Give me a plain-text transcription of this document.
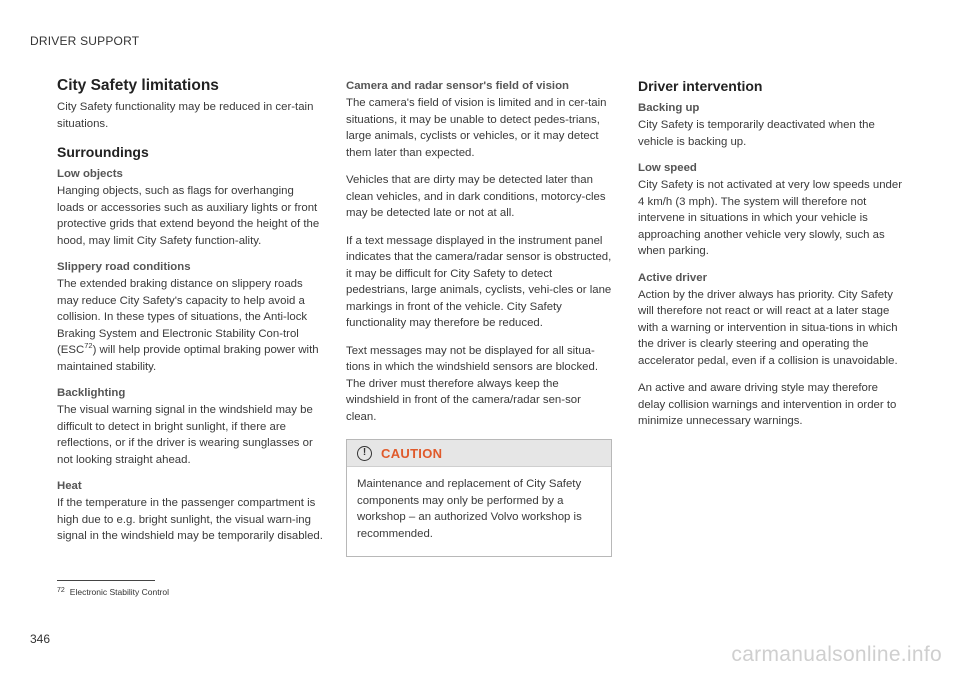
DRIVER SUPPORT
City Safety limitations

City Safety functionality may be reduced in cer-tain situations.

Surroundings
Low objects

Hanging objects, such as flags for overhanging loads or accessories such as auxiliary lights or front protective grids that extend beyond the height of the hood, may limit City Safety function-ality.

Slippery road conditions

The extended braking distance on slippery roads may reduce City Safety's capacity to help avoid a collision. In these types of situations, the Anti-lock Braking System and Electronic Stability Con-trol (ESC$^{72}$) will help provide optimal braking power with maintained stability.

Backlighting

The visual warning signal in the windshield may be difficult to detect in bright sunlight, if there are reflections, or if the driver is wearing sunglasses or not looking straight ahead.

Heat

If the temperature in the passenger compartment is high due to e.g. bright sunlight, the visual warn-ing signal in the windshield may be temporarily disabled.

Camera and radar sensor's field of vision

The camera's field of vision is limited and in cer-tain situations, it may be unable to detect pedes-trians, large animals, cyclists or vehicles, or it may detect them later than expected.

Vehicles that are dirty may be detected later than clean vehicles, and in dark conditions, motorcy-cles may be detected late or not at all.

If a text message displayed in the instrument panel indicates that the camera/radar sensor is obstructed, it may be difficult for City Safety to detect pedestrians, large animals, cyclists, vehi-cles or lane markings in front of the vehicle. City Safety functionality may therefore be reduced.

Text messages may not be displayed for all situa-tions in which the windshield sensors are blocked. The driver must therefore always keep the windshield in front of the camera/radar sen-sor clean.

!	CAUTION

Maintenance and replacement of City Safety components may only be performed by a workshop – an authorized Volvo workshop is recommended.

Driver intervention
Backing up

City Safety is temporarily deactivated when the vehicle is backing up.

Low speed

City Safety is not activated at very low speeds under 4 km/h (3 mph). The system will therefore not intervene in situations in which your vehicle is approaching another vehicle very slowly, such as when parking.

Active driver

Action by the driver always has priority. City Safety will therefore not react or will react at a later stage with a warning or intervention in situa-tions in which the driver is clearly steering and operating the accelerator pedal, even if a collision is unavoidable.

An active and aware driving style may therefore delay collision warnings and intervention in order to minimize unnecessary warnings.

$^{72}$ Electronic Stability Control
346
carmanualsonline.info
